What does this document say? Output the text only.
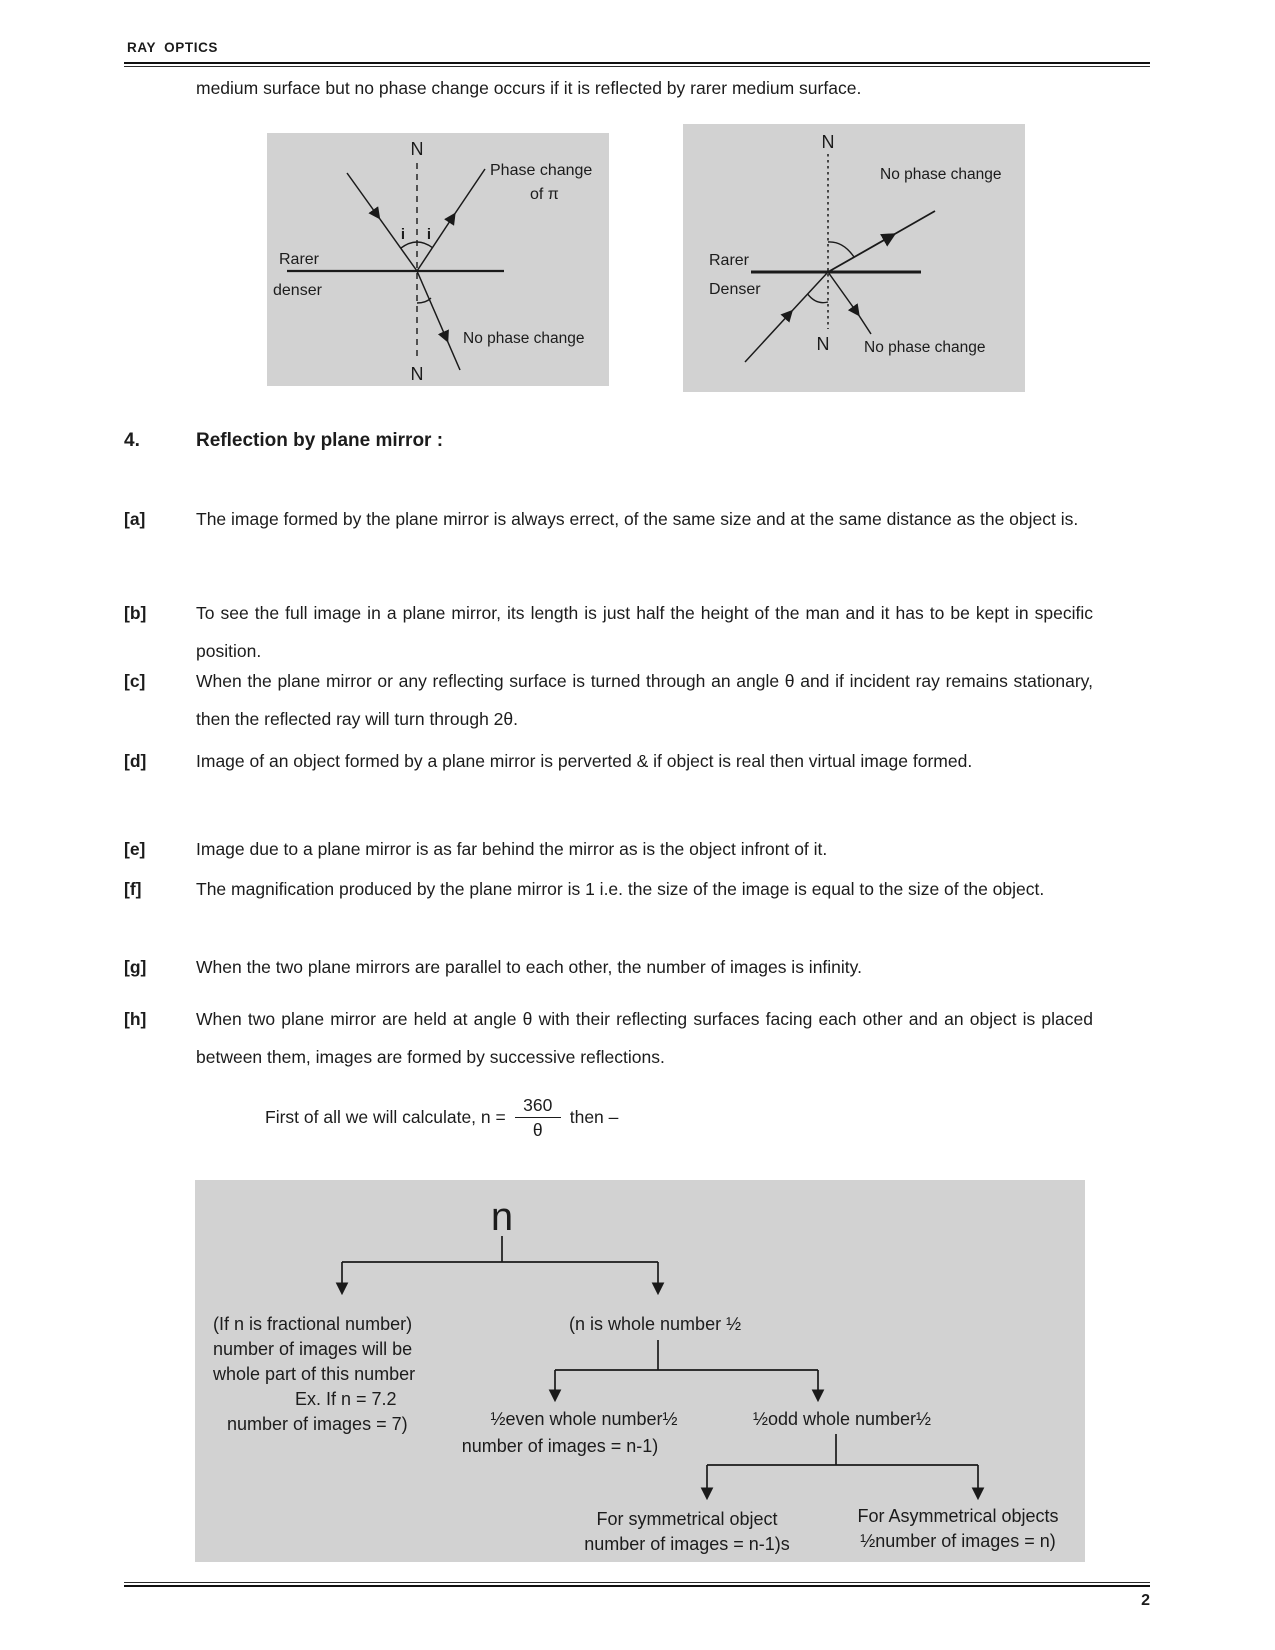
RAY OPTICS
medium surface but no phase change occurs if it is reflected by rarer medium surface.
N
N
i i
Rarer
denser
Phase change
of π
No phase change
N
N
Rarer
Denser
No phase change
No phase change
4.	Reflection by plane mirror :
[a]	The image formed by the plane mirror is always errect, of the same size and at the same distance as the object is.
[b]	To see the full image in a plane mirror, its length is just half the height of the man and it has to be kept in specific position.
[c]	When the plane mirror or any reflecting surface is turned through an angle θ and if incident ray remains stationary, then the reflected ray will turn through 2θ.
[d]	Image of an object formed by a plane mirror is perverted & if object is real then virtual image formed.
[e]	Image due to a plane mirror is as far behind the mirror as is the object infront of it.
[f]	The magnification produced by the plane mirror is 1 i.e. the size of the image is equal to the size of the object.
[g]	When the two plane mirrors are parallel to each other, the number of images is infinity.
[h]	When two plane mirror are held at angle θ with their reflecting surfaces facing each other and an object is placed between them, images are formed by successive reflections.
First of all we will calculate, $n = \frac{360}{\theta}$ then –
n
(If n is fractional number)
number of images will be
whole part of this number
Ex. If n = 7.2
number of images = 7)
(n is whole number ½
½even whole number½
number of images = n-1)
½odd whole number½
For symmetrical object
number of images = n-1)s
For Asymmetrical objects
½number of images = n)
2
